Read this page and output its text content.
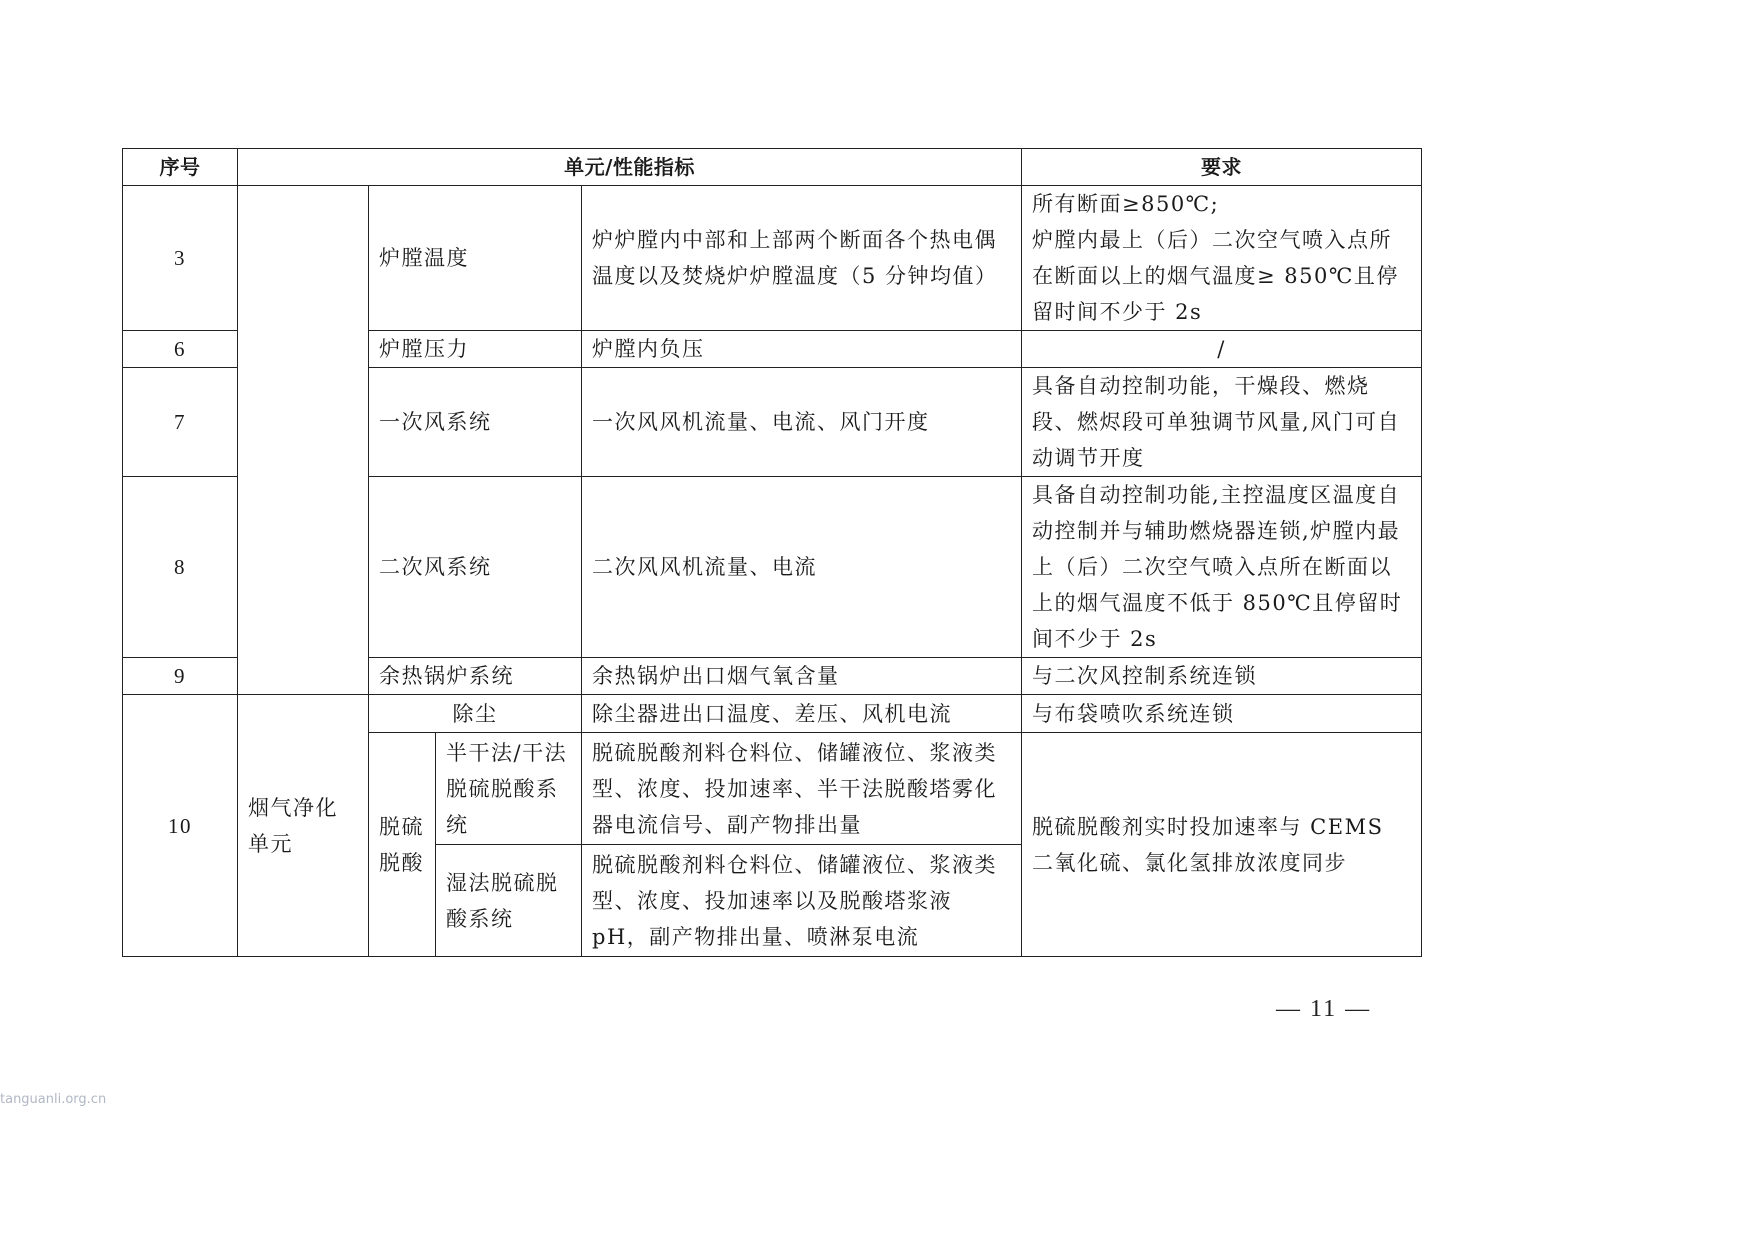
序号	单元/性能指标				要求
3		炉膛温度		炉炉膛内中部和上部两个断面各个热电偶温度以及焚烧炉炉膛温度（5 分钟均值）	所有断面≥850℃;
炉膛内最上（后）二次空气喷入点所在断面以上的烟气温度≥ 850℃且停留时间不少于 2s
6		炉膛压力		炉膛内负压	/
7		一次风系统		一次风风机流量、电流、风门开度	具备自动控制功能，干燥段、燃烧段、燃烬段可单独调节风量,风门可自动调节开度
8		二次风系统		二次风风机流量、电流	具备自动控制功能,主控温度区温度自动控制并与辅助燃烧器连锁,炉膛内最上（后）二次空气喷入点所在断面以上的烟气温度不低于 850℃且停留时间不少于 2s
9		余热锅炉系统		余热锅炉出口烟气氧含量	与二次风控制系统连锁
10	烟气净化单元	除尘		除尘器进出口温度、差压、风机电流	与布袋喷吹系统连锁
		脱硫脱酸	半干法/干法脱硫脱酸系统	脱硫脱酸剂料仓料位、储罐液位、浆液类型、浓度、投加速率、半干法脱酸塔雾化器电流信号、副产物排出量	脱硫脱酸剂实时投加速率与 CEMS 二氧化硫、氯化氢排放浓度同步
			湿法脱硫脱酸系统	脱硫脱酸剂料仓料位、储罐液位、浆液类型、浓度、投加速率以及脱酸塔浆液 pH，副产物排出量、喷淋泵电流	
— 11 —
tanguanli.org.cn
